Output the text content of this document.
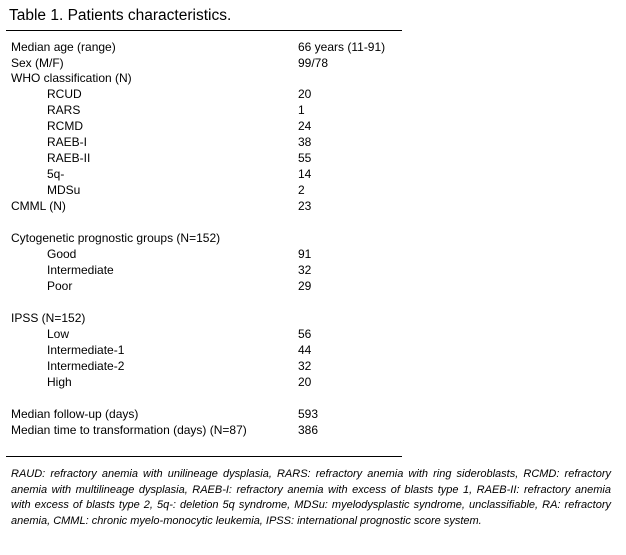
Table 1. Patients characteristics.
Median age (range)	66 years (11-91)
Sex (M/F)	99/78
WHO classification (N)
RCUD	20
RARS	1
RCMD	24
RAEB-I	38
RAEB-II	55
5q-	14
MDSu	2
CMML (N)	23
Cytogenetic prognostic groups (N=152)
Good	91
Intermediate	32
Poor	29
IPSS (N=152)
Low	56
Intermediate-1	44
Intermediate-2	32
High	20
Median follow-up (days)	593
Median time to transformation (days) (N=87)	386
RAUD: refractory anemia with unilineage dysplasia, RARS: refractory anemia with ring sideroblasts, RCMD: refractory anemia with multilineage dysplasia, RAEB-I: refractory anemia with excess of blasts type 1, RAEB-II: refractory anemia with excess of blasts type 2, 5q-: deletion 5q syndrome, MDSu: myelodysplastic syndrome, unclassifiable, RA: refractory anemia, CMML: chronic myelo-monocytic leukemia, IPSS: international prognostic score system.
